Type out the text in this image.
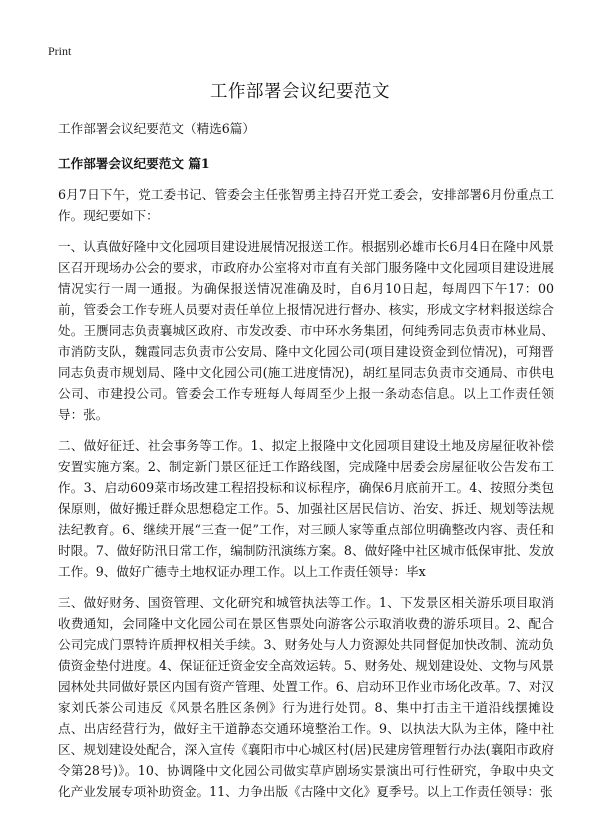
Print
工作部署会议纪要范文

工作部署会议纪要范文（精选6篇）

工作部署会议纪要范文 篇1

6月7日下午，党工委书记、管委会主任张智勇主持召开党工委会，安排部署6月份重点工作。现纪要如下：

一、认真做好隆中文化园项目建设进展情况报送工作。根据别必雄市长6月4日在隆中风景区召开现场办公会的要求，市政府办公室将对市直有关部门服务隆中文化园项目建设进展情况实行一周一通报。为确保报送情况准确及时，自6月10日起，每周四下午17：00前，管委会工作专班人员要对责任单位上报情况进行督办、核实，形成文字材料报送综合处。王赝同志负责襄城区政府、市发改委、市中环水务集团，何纯秀同志负责市林业局、市消防支队，魏霞同志负责市公安局、隆中文化园公司(项目建设资金到位情况)，可翔晋同志负责市规划局、隆中文化园公司(施工进度情况)，胡红星同志负责市交通局、市供电公司、市建投公司。管委会工作专班每人每周至少上报一条动态信息。以上工作责任领导：张。

二、做好征迁、社会事务等工作。1、拟定上报隆中文化园项目建设土地及房屋征收补偿安置实施方案。2、制定新门景区征迁工作路线图，完成隆中居委会房屋征收公告发布工作。3、启动609菜市场改建工程招投标和议标程序，确保6月底前开工。4、按照分类包保原则，做好搬迁群众思想稳定工作。5、加强社区居民信访、治安、拆迁、规划等法规法纪教育。6、继续开展“三查一促”工作，对三顾人家等重点部位明确整改内容、责任和时限。7、做好防汛日常工作，编制防汛演练方案。8、做好隆中社区城市低保审批、发放工作。9、做好广德寺土地权证办理工作。以上工作责任领导：毕x

三、做好财务、国资管理、文化研究和城管执法等工作。1、下发景区相关游乐项目取消收费通知，会同隆中文化园公司在景区售票处向游客公示取消收费的游乐项目。2、配合公司完成门票特许质押权相关手续。3、财务处与人力资源处共同督促加快改制、流动负债资金垫付进度。4、保证征迁资金安全高效运转。5、财务处、规划建设处、文物与风景园林处共同做好景区内国有资产管理、处置工作。6、启动环卫作业市场化改革。7、对汉家刘氏茶公司违反《风景名胜区条例》行为进行处罚。8、集中打击主干道沿线摆摊设点、出店经营行为，做好主干道静态交通环境整治工作。9、以执法大队为主体，隆中社区、规划建设处配合，深入宣传《襄阳市中心城区村(居)民建房管理暂行办法(襄阳市政府令第28号)》。10、协调隆中文化园公司做实草庐剧场实景演出可行性研究，争取中央文化产业发展专项补助资金。11、力争出版《古隆中文化》夏季号。以上工作责任领导：张
